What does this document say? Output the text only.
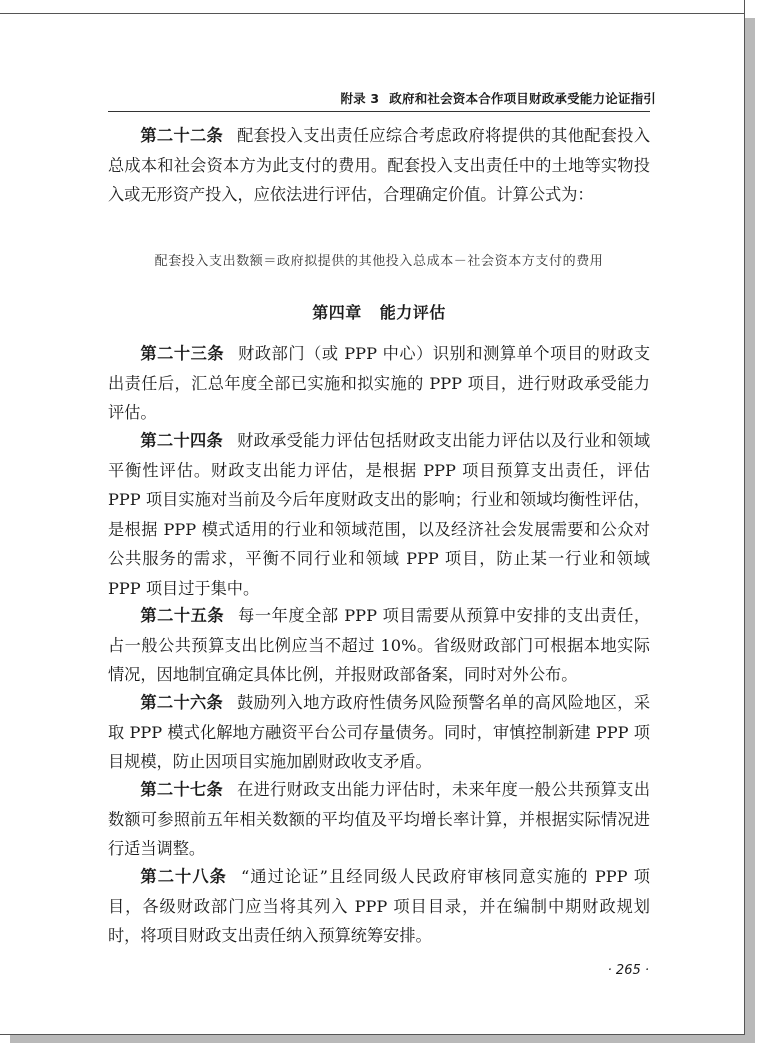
附录 3 政府和社会资本合作项目财政承受能力论证指引

第二十二条 配套投入支出责任应综合考虑政府将提供的其他配套投入总成本和社会资本方为此支付的费用。配套投入支出责任中的土地等实物投入或无形资产投入，应依法进行评估，合理确定价值。计算公式为：

配套投入支出数额＝政府拟提供的其他投入总成本－社会资本方支付的费用
第四章 能力评估

第二十三条 财政部门（或 PPP 中心）识别和测算单个项目的财政支出责任后，汇总年度全部已实施和拟实施的 PPP 项目，进行财政承受能力评估。

第二十四条 财政承受能力评估包括财政支出能力评估以及行业和领域平衡性评估。财政支出能力评估，是根据 PPP 项目预算支出责任，评估 PPP 项目实施对当前及今后年度财政支出的影响；行业和领域均衡性评估，是根据 PPP 模式适用的行业和领域范围，以及经济社会发展需要和公众对公共服务的需求，平衡不同行业和领域 PPP 项目，防止某一行业和领域 PPP 项目过于集中。

第二十五条 每一年度全部 PPP 项目需要从预算中安排的支出责任，占一般公共预算支出比例应当不超过 10%。省级财政部门可根据本地实际情况，因地制宜确定具体比例，并报财政部备案，同时对外公布。

第二十六条 鼓励列入地方政府性债务风险预警名单的高风险地区，采取 PPP 模式化解地方融资平台公司存量债务。同时，审慎控制新建 PPP 项目规模，防止因项目实施加剧财政收支矛盾。

第二十七条 在进行财政支出能力评估时，未来年度一般公共预算支出数额可参照前五年相关数额的平均值及平均增长率计算，并根据实际情况进行适当调整。

第二十八条 “通过论证”且经同级人民政府审核同意实施的 PPP 项目，各级财政部门应当将其列入 PPP 项目目录，并在编制中期财政规划时，将项目财政支出责任纳入预算统筹安排。

· 265 ·
